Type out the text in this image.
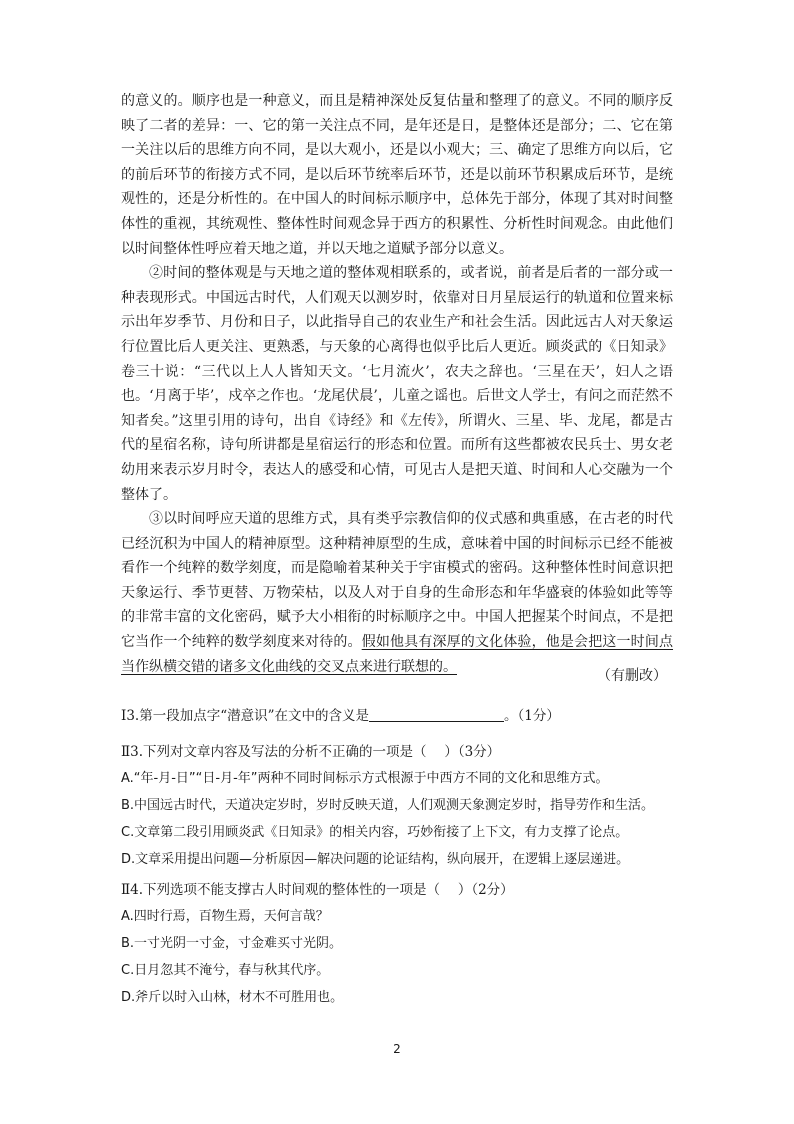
的意义的。顺序也是一种意义，而且是精神深处反复估量和整理了的意义。不同的顺序反映了二者的差异：一、它的第一关注点不同，是年还是日，是整体还是部分；二、它在第一关注以后的思维方向不同，是以大观小，还是以小观大；三、确定了思维方向以后，它的前后环节的衔接方式不同，是以后环节统率后环节，还是以前环节积累成后环节，是统观性的，还是分析性的。在中国人的时间标示顺序中，总体先于部分，体现了其对时间整体性的重视，其统观性、整体性时间观念异于西方的积累性、分析性时间观念。由此他们以时间整体性呼应着天地之道，并以天地之道赋予部分以意义。

②时间的整体观是与天地之道的整体观相联系的，或者说，前者是后者的一部分或一种表现形式。中国远古时代，人们观天以测岁时，依靠对日月星辰运行的轨道和位置来标示出年岁季节、月份和日子，以此指导自己的农业生产和社会生活。因此远古人对天象运行位置比后人更关注、更熟悉，与天象的心离得也似乎比后人更近。顾炎武的《日知录》卷三十说：“三代以上人人皆知天文。‘七月流火’，农夫之辞也。‘三星在天’，妇人之语也。‘月离于毕’，戍卒之作也。‘龙尾伏晨’，儿童之谣也。后世文人学士，有问之而茫然不知者矣。”这里引用的诗句，出自《诗经》和《左传》，所谓火、三星、毕、龙尾，都是古代的星宿名称，诗句所讲都是星宿运行的形态和位置。而所有这些都被农民兵士、男女老幼用来表示岁月时令，表达人的感受和心情，可见古人是把天道、时间和人心交融为一个整体了。

③以时间呼应天道的思维方式，具有类乎宗教信仰的仪式感和典重感，在古老的时代已经沉积为中国人的精神原型。这种精神原型的生成，意味着中国的时间标示已经不能被看作一个纯粹的数学刻度，而是隐喻着某种关于宇宙模式的密码。这种整体性时间意识把天象运行、季节更替、万物荣枯，以及人对于自身的生命形态和年华盛衰的体验如此等等的非常丰富的文化密码，赋予大小相衔的时标顺序之中。中国人把握某个时间点，不是把它当作一个纯粹的数学刻度来对待的。假如他具有深厚的文化体验，他是会把这一时间点当作纵横交错的诸多文化曲线的交叉点来进行联想的。

（有删改）
Ⅰ3.第一段加点字“潜意识”在文中的含义是	。（1分）
Ⅱ3.下列对文章内容及写法的分析不正确的一项是（　 ）（3分）
A.“年-月-日”“日-月-年”两种不同时间标示方式根源于中西方不同的文化和思维方式。
B.中国远古时代，天道决定岁时，岁时反映天道，人们观测天象测定岁时，指导劳作和生活。
C.文章第二段引用顾炎武《日知录》的相关内容，巧妙衔接了上下文，有力支撑了论点。
D.文章采用提出问题—分析原因—解决问题的论证结构，纵向展开，在逻辑上逐层递进。
Ⅱ4.下列选项不能支撑古人时间观的整体性的一项是（　 ）（2分）
A.四时行焉，百物生焉，天何言哉？
B.一寸光阴一寸金，寸金难买寸光阴。
C.日月忽其不淹兮，春与秋其代序。
D.斧斤以时入山林，材木不可胜用也。
2
